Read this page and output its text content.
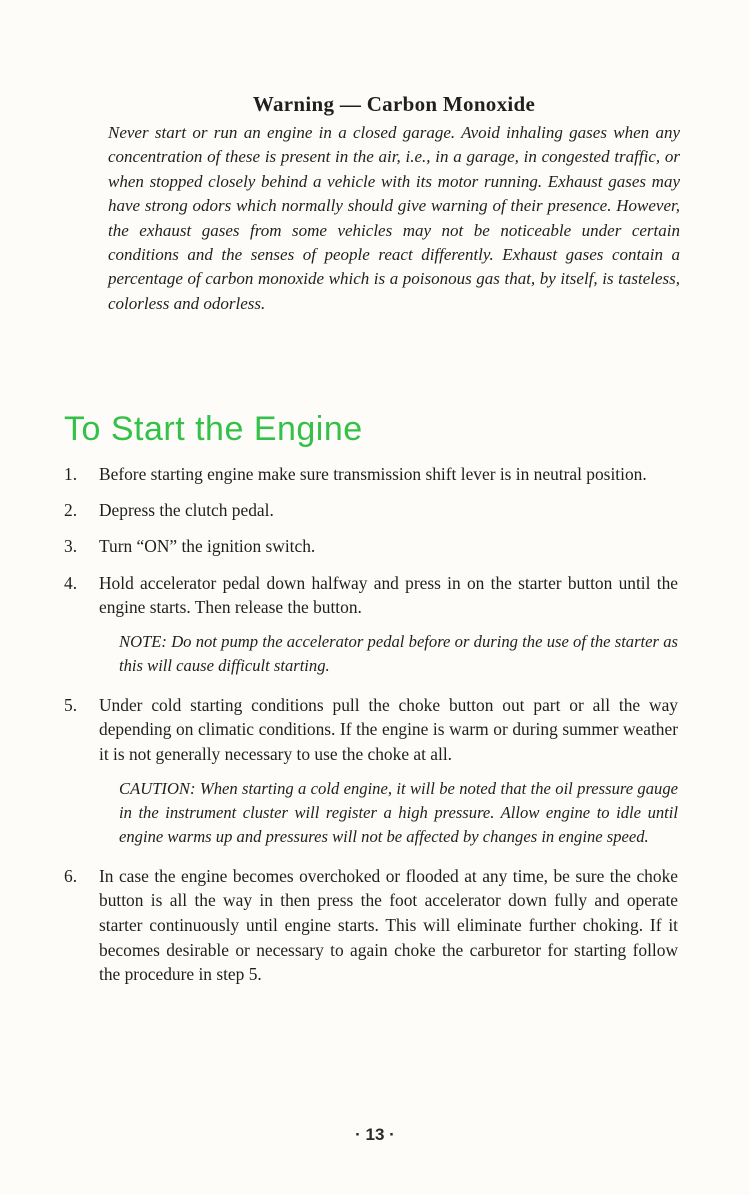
Warning — Carbon Monoxide

Never start or run an engine in a closed garage. Avoid inhaling gases when any concentration of these is present in the air, i.e., in a garage, in congested traffic, or when stopped closely behind a vehicle with its motor running. Exhaust gases may have strong odors which normally should give warning of their presence. However, the exhaust gases from some vehicles may not be noticeable under certain conditions and the senses of people react differently. Exhaust gases contain a percentage of carbon monoxide which is a poisonous gas that, by itself, is tasteless, colorless and odorless.

To Start the Engine
1. Before starting engine make sure transmission shift lever is in neutral position.
2. Depress the clutch pedal.
3. Turn “ON” the ignition switch.
4. Hold accelerator pedal down halfway and press in on the starter button until the engine starts. Then release the button.

NOTE: Do not pump the accelerator pedal before or during the use of the starter as this will cause difficult starting.

5. Under cold starting conditions pull the choke button out part or all the way depending on climatic conditions. If the engine is warm or during summer weather it is not generally necessary to use the choke at all.

CAUTION: When starting a cold engine, it will be noted that the oil pressure gauge in the instrument cluster will register a high pressure. Allow engine to idle until engine warms up and pressures will not be affected by changes in engine speed.

6. In case the engine becomes overchoked or flooded at any time, be sure the choke button is all the way in then press the foot accelerator down fully and operate starter continuously until engine starts. This will eliminate further choking. If it becomes desirable or necessary to again choke the carburetor for starting follow the procedure in step 5.
· 13 ·
